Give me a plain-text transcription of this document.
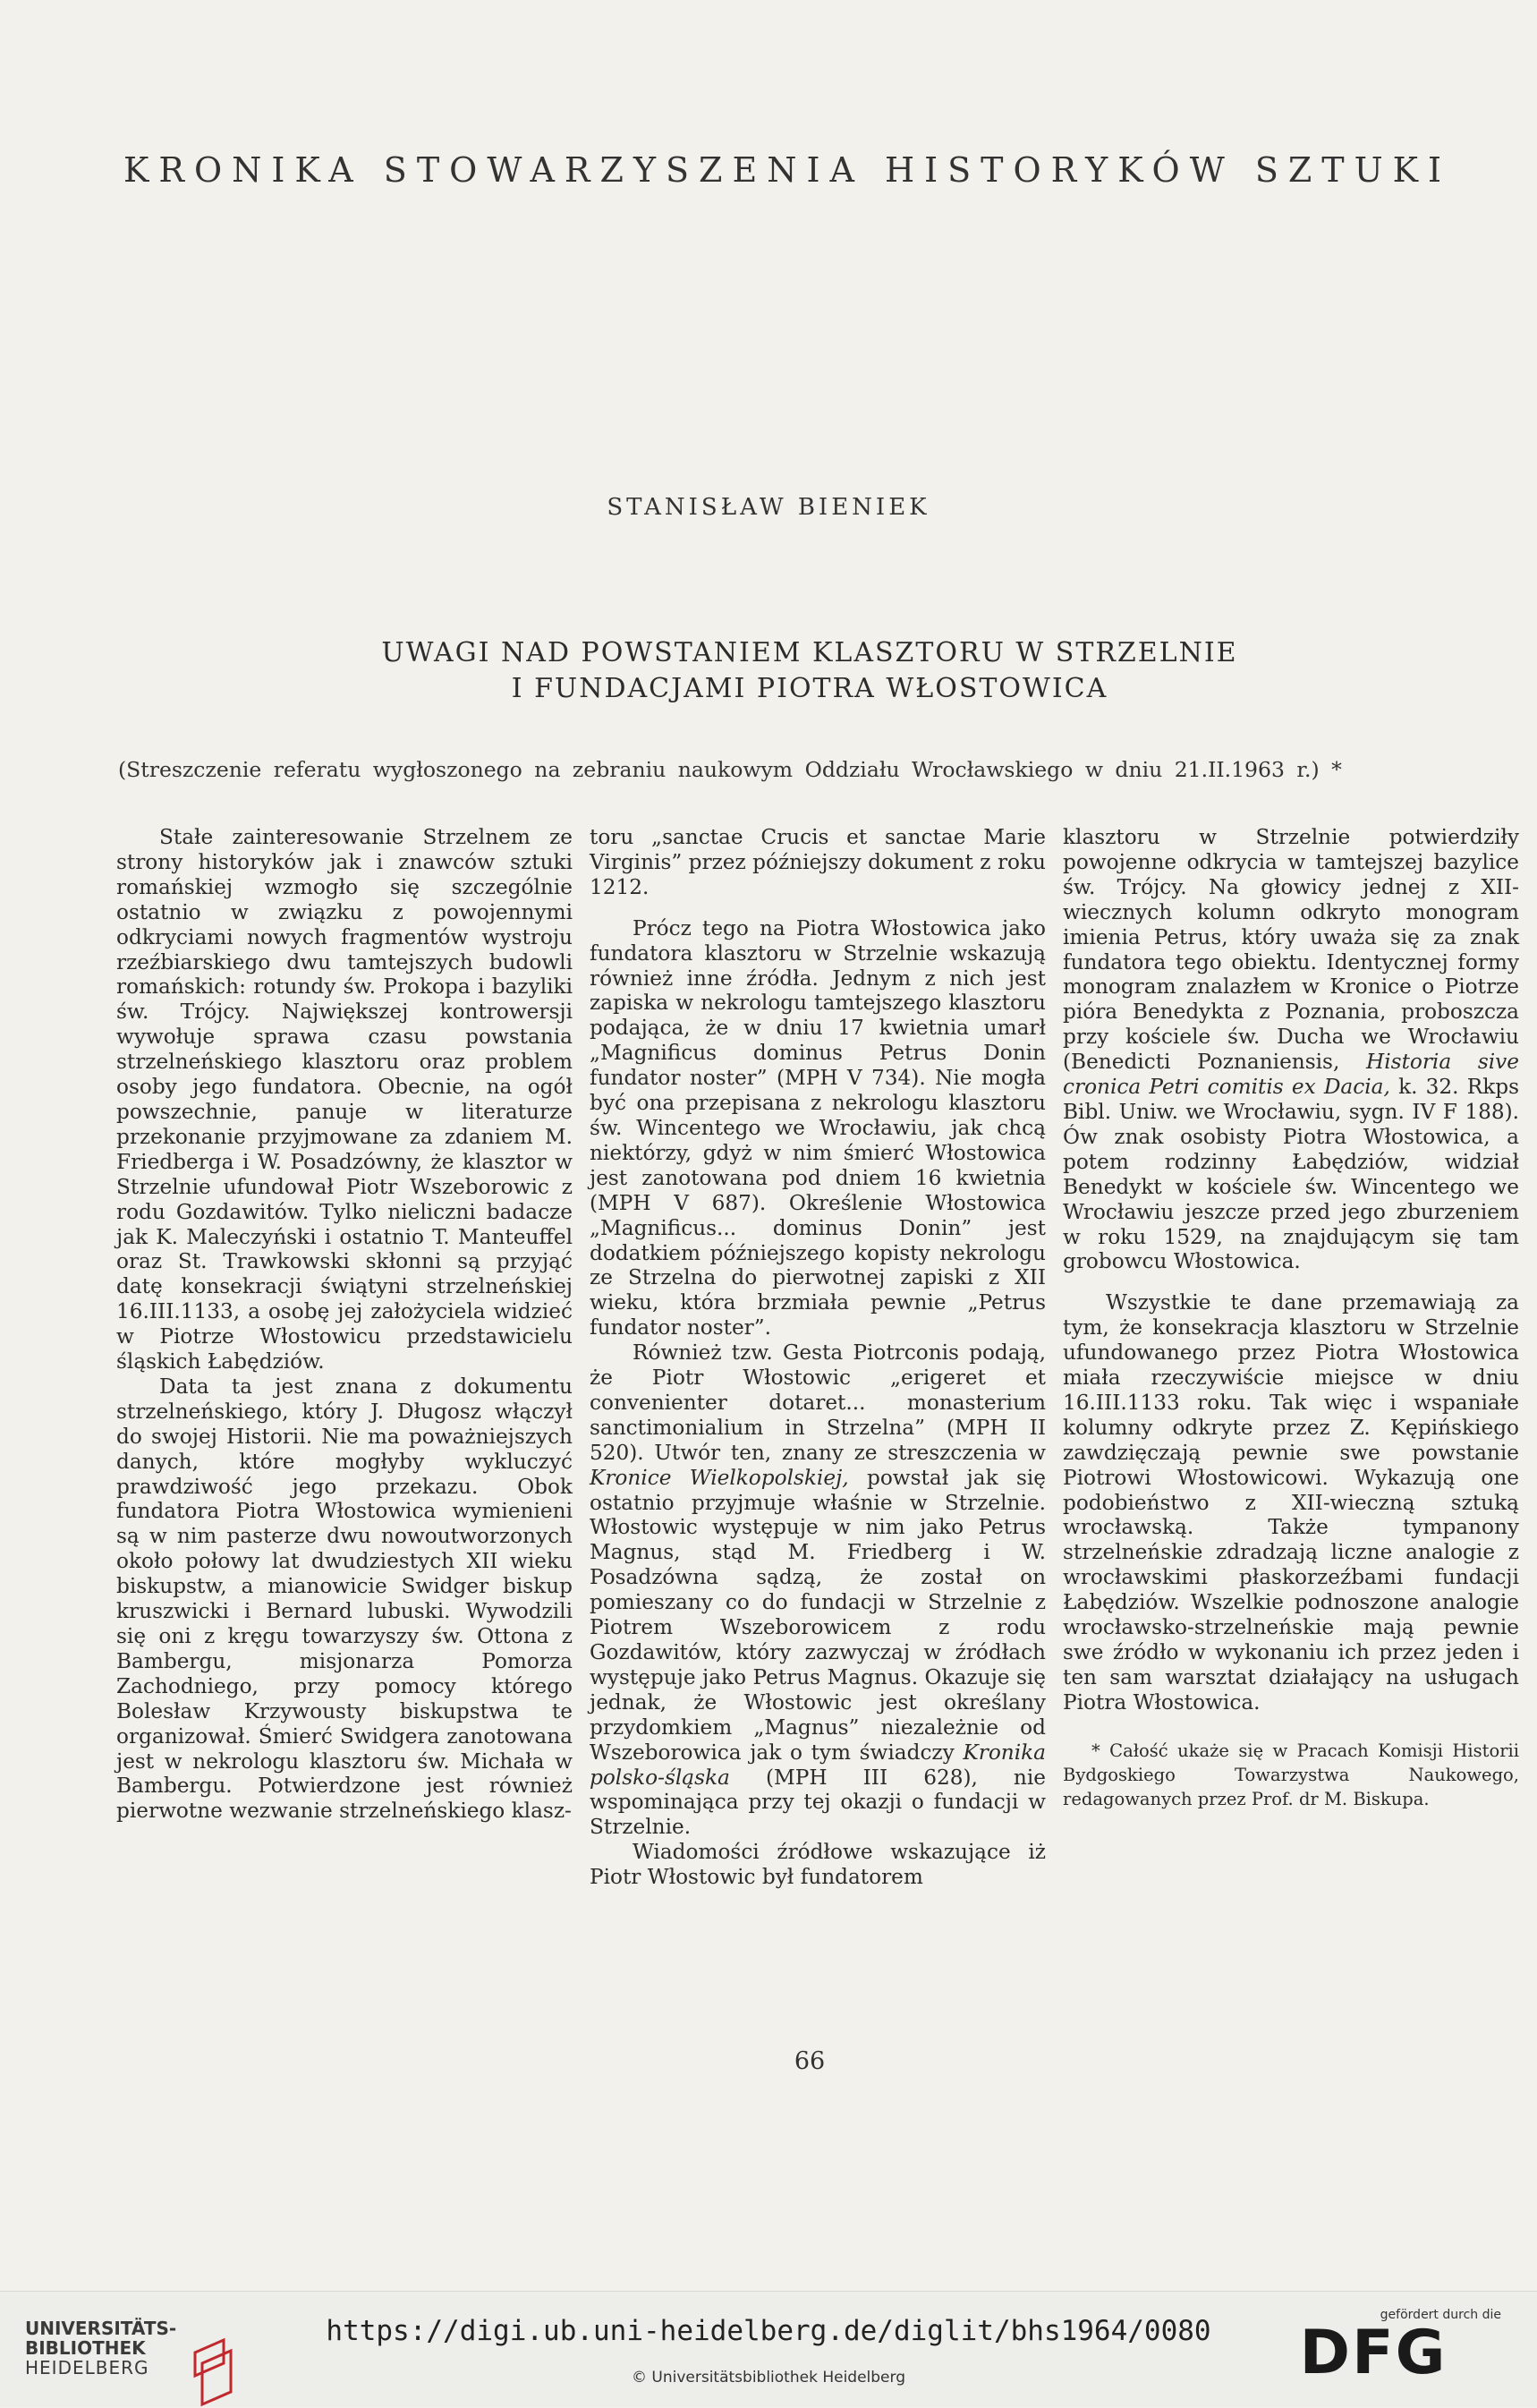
KRONIKA STOWARZYSZENIA HISTORYKÓW SZTUKI
STANISŁAW BIENIEK
UWAGI NAD POWSTANIEM KLASZTORU W STRZELNIE
I FUNDACJAMI PIOTRA WŁOSTOWICA
(Streszczenie referatu wygłoszonego na zebraniu naukowym Oddziału Wrocławskiego w dniu 21.II.1963 r.) *

Stałe zainteresowanie Strzelnem ze strony historyków jak i znawców sztuki romańskiej wzmogło się szczególnie ostatnio w związku z powojennymi odkryciami nowych fragmentów wystroju rzeźbiarskiego dwu tamtejszych budowli romańskich: rotundy św. Prokopa i bazyliki św. Trójcy. Największej kontrowersji wywołuje sprawa czasu powstania strzelneńskiego klasztoru oraz problem osoby jego fundatora. Obecnie, na ogół powszechnie, panuje w literaturze przekonanie przyjmowane za zdaniem M. Friedberga i W. Posadzówny, że klasztor w Strzelnie ufundował Piotr Wszeborowic z rodu Gozdawitów. Tylko nieliczni badacze jak K. Maleczyński i ostatnio T. Manteuffel oraz St. Trawkowski skłonni są przyjąć datę konsekracji świątyni strzelneńskiej 16.III.1133, a osobę jej założyciela widzieć w Piotrze Włostowicu przedstawicielu śląskich Łabędziów.

Data ta jest znana z dokumentu strzelneńskiego, który J. Długosz włączył do swojej Historii. Nie ma poważniejszych danych, które mogłyby wykluczyć prawdziwość jego przekazu. Obok fundatora Piotra Włostowica wymienieni są w nim pasterze dwu nowoutworzonych około połowy lat dwudziestych XII wieku biskupstw, a mianowicie Swidger biskup kruszwicki i Bernard lubuski. Wywodzili się oni z kręgu towarzyszy św. Ottona z Bambergu, misjonarza Pomorza Zachodniego, przy pomocy którego Bolesław Krzywousty biskupstwa te organizował. Śmierć Swidgera zanotowana jest w nekrologu klasztoru św. Michała w Bambergu. Potwierdzone jest również pierwotne wezwanie strzelneńskiego klasz-

toru „sanctae Crucis et sanctae Marie Virginis” przez późniejszy dokument z roku 1212.

Prócz tego na Piotra Włostowica jako fundatora klasztoru w Strzelnie wskazują również inne źródła. Jednym z nich jest zapiska w nekrologu tamtejszego klasztoru podająca, że w dniu 17 kwietnia umarł „Magnificus dominus Petrus Donin fundator noster” (MPH V 734). Nie mogła być ona przepisana z nekrologu klasztoru św. Wincentego we Wrocławiu, jak chcą niektórzy, gdyż w nim śmierć Włostowica jest zanotowana pod dniem 16 kwietnia (MPH V 687). Określenie Włostowica „Magnificus... dominus Donin” jest dodatkiem późniejszego kopisty nekrologu ze Strzelna do pierwotnej zapiski z XII wieku, która brzmiała pewnie „Petrus fundator noster”.

Również tzw. Gesta Piotrconis podają, że Piotr Włostowic „erigeret et convenienter dotaret... monasterium sanctimonialium in Strzelna” (MPH II 520). Utwór ten, znany ze streszczenia w Kronice Wielkopolskiej, powstał jak się ostatnio przyjmuje właśnie w Strzelnie. Włostowic występuje w nim jako Petrus Magnus, stąd M. Friedberg i W. Posadzówna sądzą, że został on pomieszany co do fundacji w Strzelnie z Piotrem Wszeborowicem z rodu Gozdawitów, który zazwyczaj w źródłach występuje jako Petrus Magnus. Okazuje się jednak, że Włostowic jest określany przydomkiem „Magnus” niezależnie od Wszeborowica jak o tym świadczy Kronika polsko-śląska (MPH III 628), nie wspominająca przy tej okazji o fundacji w Strzelnie.

Wiadomości źródłowe wskazujące iż Piotr Włostowic był fundatorem

klasztoru w Strzelnie potwierdziły powojenne odkrycia w tamtejszej bazylice św. Trójcy. Na głowicy jednej z XII-wiecznych kolumn odkryto monogram imienia Petrus, który uważa się za znak fundatora tego obiektu. Identycznej formy monogram znalazłem w Kronice o Piotrze pióra Benedykta z Poznania, proboszcza przy kościele św. Ducha we Wrocławiu (Benedicti Poznaniensis, Historia sive cronica Petri comitis ex Dacia, k. 32. Rkps Bibl. Uniw. we Wrocławiu, sygn. IV F 188). Ów znak osobisty Piotra Włostowica, a potem rodzinny Łabędziów, widział Benedykt w kościele św. Wincentego we Wrocławiu jeszcze przed jego zburzeniem w roku 1529, na znajdującym się tam grobowcu Włostowica.

Wszystkie te dane przemawiają za tym, że konsekracja klasztoru w Strzelnie ufundowanego przez Piotra Włostowica miała rzeczywiście miejsce w dniu 16.III.1133 roku. Tak więc i wspaniałe kolumny odkryte przez Z. Kępińskiego zawdzięczają pewnie swe powstanie Piotrowi Włostowicowi. Wykazują one podobieństwo z XII-wieczną sztuką wrocławską. Także tympanony strzelneńskie zdradzają liczne analogie z wrocławskimi płaskorzeźbami fundacji Łabędziów. Wszelkie podnoszone analogie wrocławsko-strzelneńskie mają pewnie swe źródło w wykonaniu ich przez jeden i ten sam warsztat działający na usługach Piotra Włostowica.

* Całość ukaże się w Pracach Komisji Historii Bydgoskiego Towarzystwa Naukowego, redagowanych przez Prof. dr M. Biskupa.

66
UNIVERSITÄTS-
BIBLIOTHEK
HEIDELBERG
https://digi.ub.uni-heidelberg.de/diglit/bhs1964/0080
© Universitätsbibliothek Heidelberg
gefördert durch die
DFG
